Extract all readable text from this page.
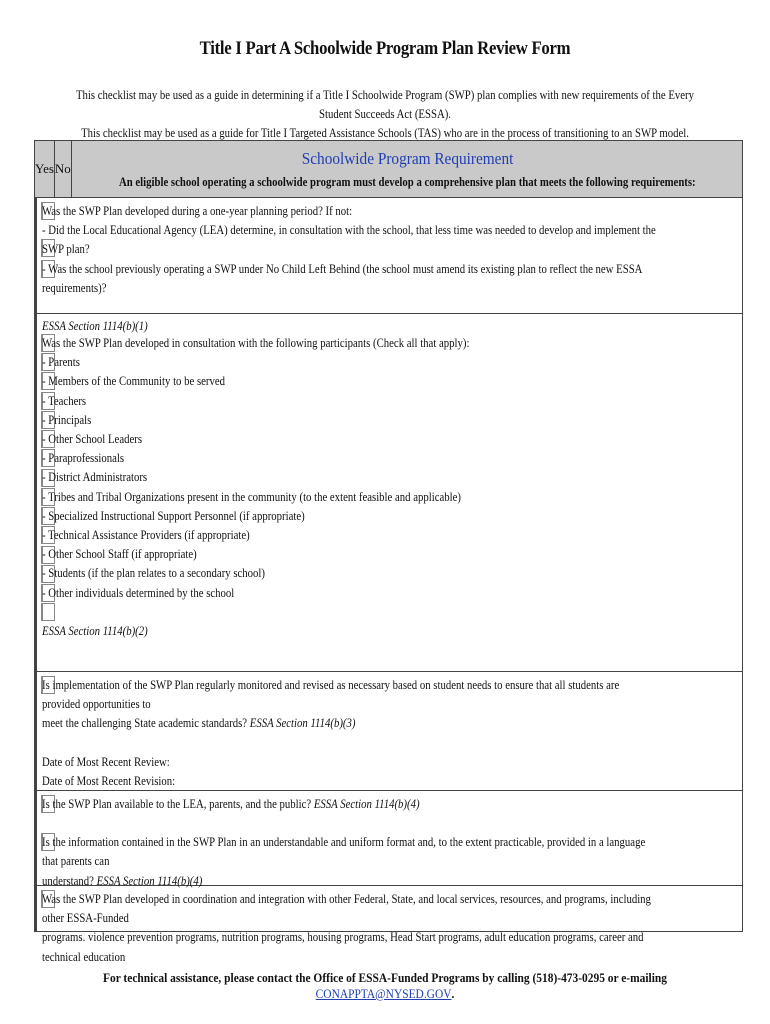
Title I Part A Schoolwide Program Plan Review Form
This checklist may be used as a guide in determining if a Title I Schoolwide Program (SWP) plan complies with new requirements of the Every Student Succeeds Act (ESSA).
This checklist may be used as a guide for Title I Targeted Assistance Schools (TAS) who are in the process of transitioning to an SWP model.
Yes No
Schoolwide Program Requirement
An eligible school operating a schoolwide program must develop a comprehensive plan that meets the following requirements:
Was the SWP Plan developed during a one-year planning period? If not:
- Did the Local Educational Agency (LEA) determine, in consultation with the school, that less time was needed to develop and implement the SWP plan?
- Was the school previously operating a SWP under No Child Left Behind (the school must amend its existing plan to reflect the new ESSA requirements)?
ESSA Section 1114(b)(1)
Was the SWP Plan developed in consultation with the following participants (Check all that apply):
- Parents
- Members of the Community to be served
- Teachers
- Principals
- Other School Leaders
- Paraprofessionals
- District Administrators
- Tribes and Tribal Organizations present in the community (to the extent feasible and applicable)
- Specialized Instructional Support Personnel (if appropriate)
- Technical Assistance Providers (if appropriate)
- Other School Staff (if appropriate)
- Students (if the plan relates to a secondary school)
- Other individuals determined by the school
ESSA Section 1114(b)(2)
Is implementation of the SWP Plan regularly monitored and revised as necessary based on student needs to ensure that all students are provided opportunities to
meet the challenging State academic standards? ESSA Section 1114(b)(3)
Date of Most Recent Review:
Date of Most Recent Revision:
Is the SWP Plan available to the LEA, parents, and the public? ESSA Section 1114(b)(4)
Is the information contained in the SWP Plan in an understandable and uniform format and, to the extent practicable, provided in a language that parents can
understand? ESSA Section 1114(b)(4)
Was the SWP Plan developed in coordination and integration with other Federal, State, and local services, resources, and programs, including other ESSA-Funded
programs. violence prevention programs, nutrition programs, housing programs, Head Start programs, adult education programs, career and technical education
For technical assistance, please contact the Office of ESSA-Funded Programs by calling (518)-473-0295 or e-mailing CONAPPTA@NYSED.GOV.
